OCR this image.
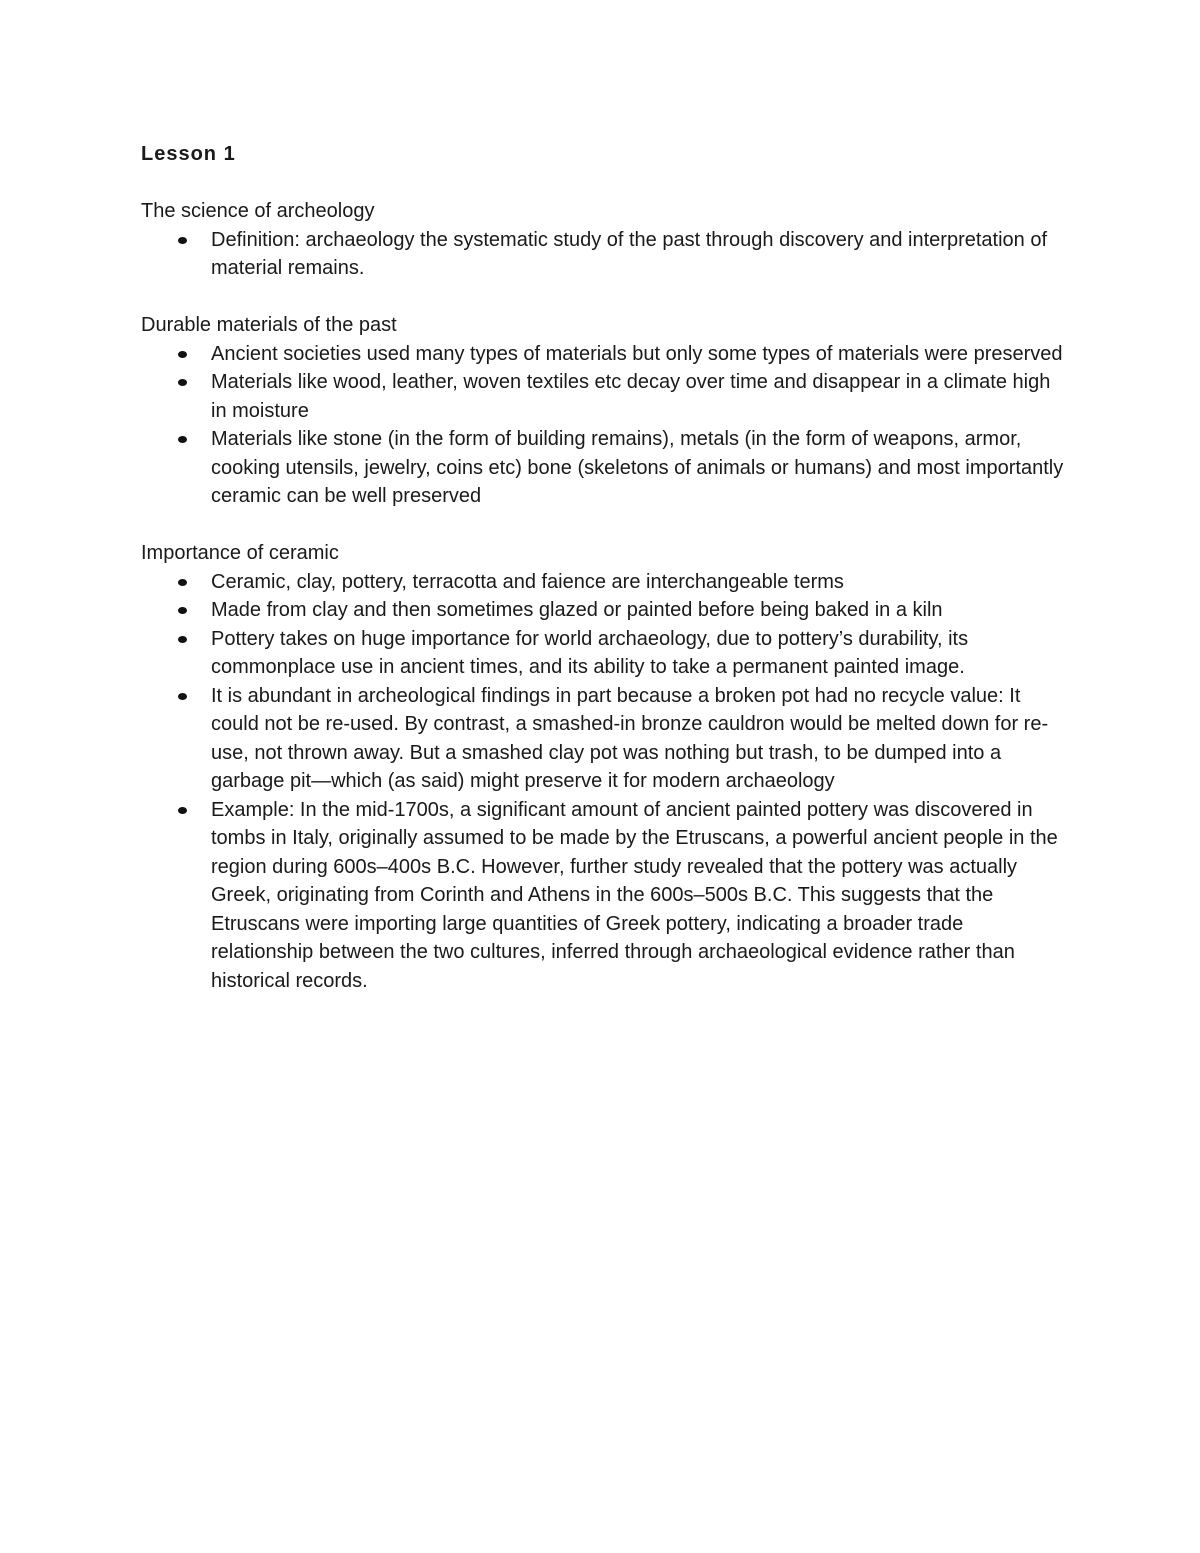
Lesson 1
The science of archeology
Definition: archaeology the systematic study of the past through discovery and interpretation of material remains.
Durable materials of the past
Ancient societies used many types of materials but only some types of materials were preserved
Materials like wood, leather, woven textiles etc decay over time and disappear in a climate high in moisture
Materials like stone (in the form of building remains), metals (in the form of weapons, armor, cooking utensils, jewelry, coins etc) bone (skeletons of animals or humans) and most importantly ceramic can be well preserved
Importance of ceramic
Ceramic, clay, pottery, terracotta and faience are interchangeable terms
Made from clay and then sometimes glazed or painted before being baked in a kiln
Pottery takes on huge importance for world archaeology, due to pottery’s durability, its commonplace use in ancient times, and its ability to take a permanent painted image.
It is abundant in archeological findings in part because a broken pot had no recycle value: It could not be re-used. By contrast, a smashed-in bronze cauldron would be melted down for re-use, not thrown away. But a smashed clay pot was nothing but trash, to be dumped into a garbage pit—which (as said) might preserve it for modern archaeology
Example: In the mid-1700s, a significant amount of ancient painted pottery was discovered in tombs in Italy, originally assumed to be made by the Etruscans, a powerful ancient people in the region during 600s–400s B.C. However, further study revealed that the pottery was actually Greek, originating from Corinth and Athens in the 600s–500s B.C. This suggests that the Etruscans were importing large quantities of Greek pottery, indicating a broader trade relationship between the two cultures, inferred through archaeological evidence rather than historical records.
